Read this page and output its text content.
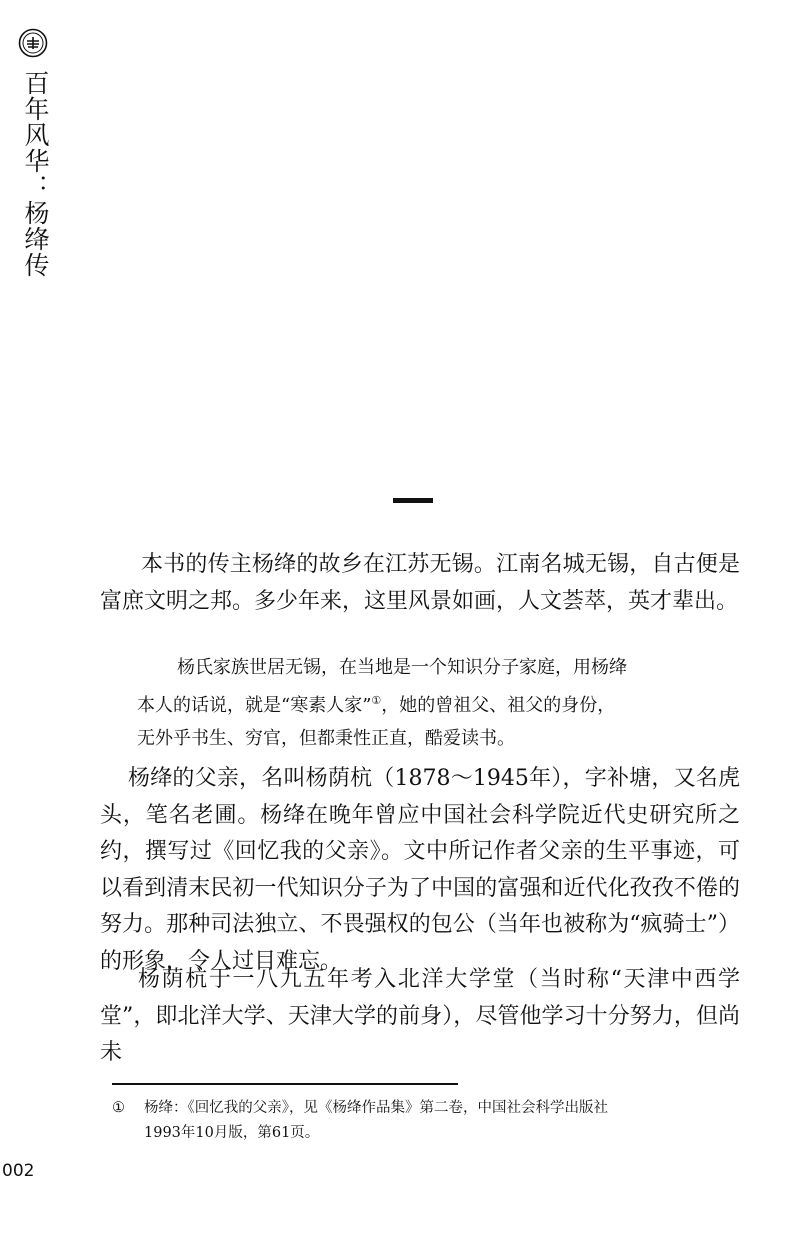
百年风华：杨绛传

本书的传主杨绛的故乡在江苏无锡。江南名城无锡，自古便是富庶文明之邦。多少年来，这里风景如画，人文荟萃，英才辈出。

杨氏家族世居无锡，在当地是一个知识分子家庭，用杨绛
本人的话说，就是“寒素人家”①，她的曾祖父、祖父的身份，
无外乎书生、穷官，但都秉性正直，酷爱读书。

杨绛的父亲，名叫杨荫杭（1878～1945年），字补塘，又名虎头，笔名老圃。杨绛在晚年曾应中国社会科学院近代史研究所之约，撰写过《回忆我的父亲》。文中所记作者父亲的生平事迹，可以看到清末民初一代知识分子为了中国的富强和近代化孜孜不倦的努力。那种司法独立、不畏强权的包公（当年也被称为“疯骑士”）的形象，令人过目难忘。

杨荫杭于一八九五年考入北洋大学堂（当时称“天津中西学堂”，即北洋大学、天津大学的前身），尽管他学习十分努力，但尚未

① 杨绛：《回忆我的父亲》，见《杨绛作品集》第二卷，中国社会科学出版社
1993年10月版，第61页。
002
